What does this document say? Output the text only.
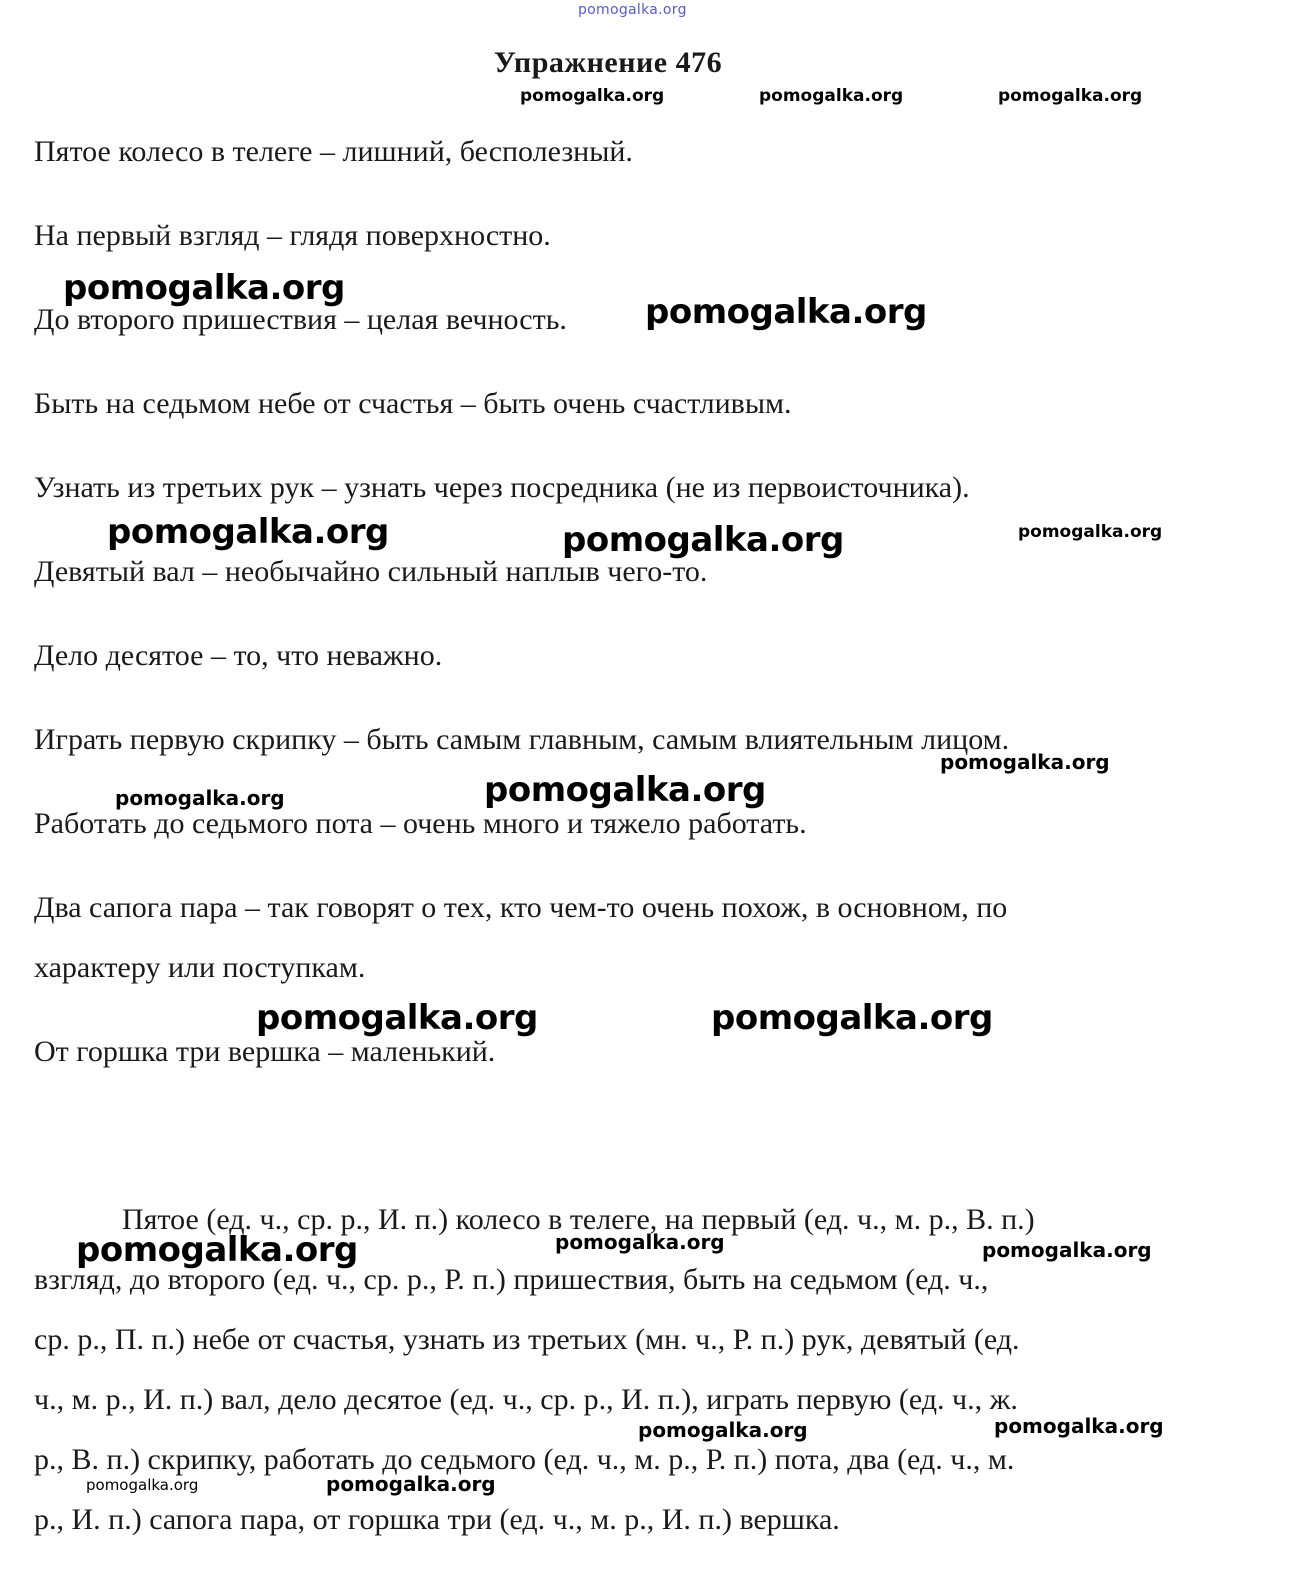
pomogalka.org
pomogalka.org	pomogalka.org	pomogalka.org
pomogalka.org
pomogalka.org
pomogalka.org	pomogalka.org	pomogalka.org
pomogalka.org
pomogalka.org	pomogalka.org
pomogalka.org	pomogalka.org
pomogalka.org	pomogalka.org	pomogalka.org
pomogalka.org	pomogalka.org
pomogalka.org	pomogalka.org
Упражнение 476

Пятое колесо в телеге – лишний, бесполезный.

На первый взгляд – глядя поверхностно.

До второго пришествия – целая вечность.

Быть на седьмом небе от счастья – быть очень счастливым.

Узнать из третьих рук – узнать через посредника (не из первоисточника).

Девятый вал – необычайно сильный наплыв чего-то.

Дело десятое – то, что неважно.

Играть первую скрипку – быть самым главным, самым влиятельным лицом.

Работать до седьмого пота – очень много и тяжело работать.

Два сапога пара – так говорят о тех, кто чем-то очень похож, в основном, по

характеру или поступкам.

От горшка три вершка – маленький.

Пятое (ед. ч., ср. р., И. п.) колесо в телеге, на первый (ед. ч., м. р., В. п.)

взгляд, до второго (ед. ч., ср. р., Р. п.) пришествия, быть на седьмом (ед. ч.,

ср. р., П. п.) небе от счастья, узнать из третьих (мн. ч., Р. п.) рук, девятый (ед.

ч., м. р., И. п.) вал, дело десятое (ед. ч., ср. р., И. п.), играть первую (ед. ч., ж.

р., В. п.) скрипку, работать до седьмого (ед. ч., м. р., Р. п.) пота, два (ед. ч., м.

р., И. п.) сапога пара, от горшка три (ед. ч., м. р., И. п.) вершка.
